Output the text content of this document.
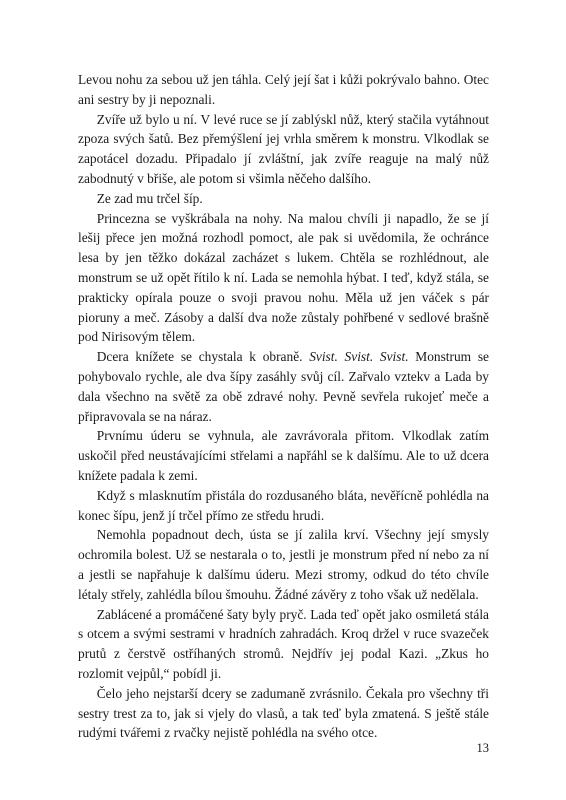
Levou nohu za sebou už jen táhla. Celý její šat i kůži pokrývalo bahno. Otec ani sestry by ji nepoznali.

Zvíře už bylo u ní. V levé ruce se jí zablýskl nůž, který stačila vytáhnout zpoza svých šatů. Bez přemýšlení jej vrhla směrem k monstru. Vlkodlak se zapotácel dozadu. Připadalo jí zvláštní, jak zvíře reaguje na malý nůž zabodnutý v břiše, ale potom si všimla něčeho dalšího.

Ze zad mu trčel šíp.

Princezna se vyškrábala na nohy. Na malou chvíli ji napadlo, že se jí lešij přece jen možná rozhodl pomoct, ale pak si uvědomila, že ochránce lesa by jen těžko dokázal zacházet s lukem. Chtěla se rozhlédnout, ale monstrum se už opět řítilo k ní. Lada se nemohla hýbat. I teď, když stála, se prakticky opírala pouze o svoji pravou nohu. Měla už jen váček s pár pioruny a meč. Zásoby a další dva nože zůstaly pohřbené v sedlové brašně pod Nirisovým tělem.

Dcera knížete se chystala k obraně. Svist. Svist. Svist. Monstrum se pohybovalo rychle, ale dva šípy zasáhly svůj cíl. Zařvalo vztekv a Lada by dala všechno na světě za obě zdravé nohy. Pevně sevřela rukojeť meče a připravovala se na náraz.

Prvnímu úderu se vyhnula, ale zavrávorala přitom. Vlkodlak zatím uskočil před neustávajícími střelami a napřáhl se k dalšímu. Ale to už dcera knížete padala k zemi.

Když s mlasknutím přistála do rozdusaného bláta, nevěřícně pohlédla na konec šípu, jenž jí trčel přímo ze středu hrudi.

Nemohla popadnout dech, ústa se jí zalila krví. Všechny její smysly ochromila bolest. Už se nestarala o to, jestli je monstrum před ní nebo za ní a jestli se napřahuje k dalšímu úderu. Mezi stromy, odkud do této chvíle létaly střely, zahlédla bílou šmouhu. Žádné závěry z toho však už nedělala.

Zablácené a promáčené šaty byly pryč. Lada teď opět jako osmiletá stála s otcem a svými sestrami v hradních zahradách. Kroq držel v ruce svazeček prutů z čerstvě ostříhaných stromů. Nejdřív jej podal Kazi. „Zkus ho rozlomit vejpůl,“ pobídl ji.

Čelo jeho nejstarší dcery se zadumaně zvrásnilo. Čekala pro všechny tři sestry trest za to, jak si vjely do vlasů, a tak teď byla zmatená. S ještě stále rudými tvářemi z rvačky nejistě pohlédla na svého otce.

13
